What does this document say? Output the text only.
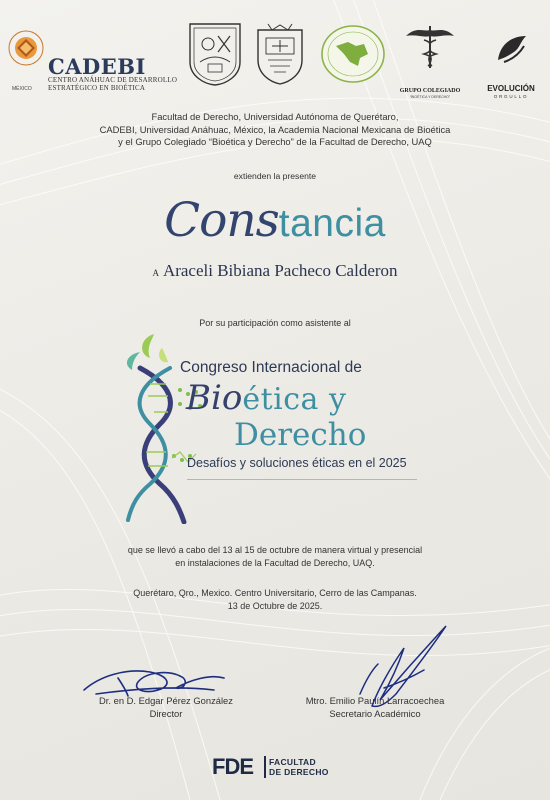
MÉXICO
CADEBI
CENTRO ANÁHUAC DE DESARROLLO ESTRATÉGICO EN BIOÉTICA	GRUPO COLEGIADO
“BIOÉTICA Y DERECHO”
EVOLUCIÓN
ORGULLO
Facultad de Derecho, Universidad Autónoma de Querétaro,
CADEBI, Universidad Anáhuac, México, la Academia Nacional Mexicana de Bioética
y el Grupo Colegiado “Bioética y Derecho” de la Facultad de Derecho, UAQ
extienden la presente
Constancia
A Araceli Bibiana Pacheco Calderon
Por su participación como asistente al
Congreso Internacional de
Bioética y
Derecho
Desafíos y soluciones éticas en el 2025
que se llevó a cabo del 13 al 15 de octubre de manera virtual y presencial
en instalaciones de la Facultad de Derecho, UAQ.
Querétaro, Qro., Mexico. Centro Universitario, Cerro de las Campanas.
13 de Octubre de 2025.
Dr. en D. Edgar Pérez González
Director
Mtro. Emilio Paulín Larracoechea
Secretario Académico
FDE FACULTAD
DE DERECHO
